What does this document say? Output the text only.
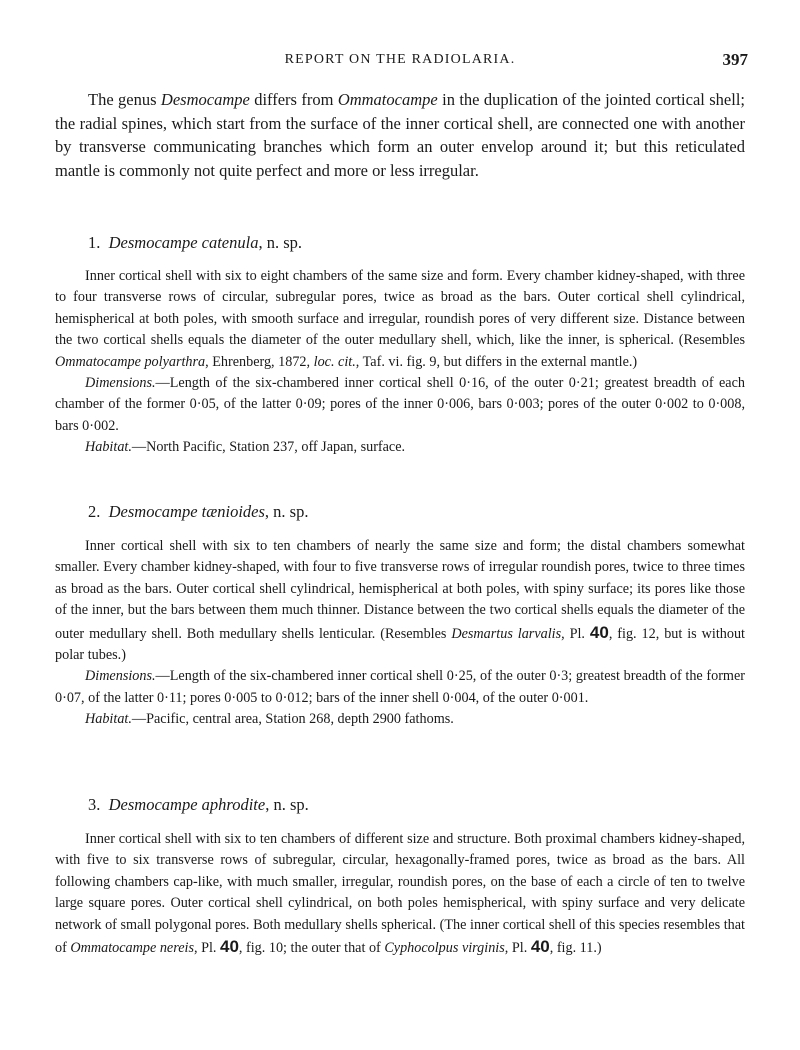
REPORT ON THE RADIOLARIA.	397

The genus Desmocampe differs from Ommatocampe in the duplication of the jointed cortical shell; the radial spines, which start from the surface of the inner cortical shell, are connected one with another by transverse communicating branches which form an outer envelop around it; but this reticulated mantle is commonly not quite perfect and more or less irregular.

1. Desmocampe catenula, n. sp.

Inner cortical shell with six to eight chambers of the same size and form. Every chamber kidney-shaped, with three to four transverse rows of circular, subregular pores, twice as broad as the bars. Outer cortical shell cylindrical, hemispherical at both poles, with smooth surface and irregular, roundish pores of very different size. Distance between the two cortical shells equals the diameter of the outer medullary shell, which, like the inner, is spherical. (Resembles Ommatocampe polyarthra, Ehrenberg, 1872, loc. cit., Taf. vi. fig. 9, but differs in the external mantle.)

Dimensions.—Length of the six-chambered inner cortical shell 0·16, of the outer 0·21; greatest breadth of each chamber of the former 0·05, of the latter 0·09; pores of the inner 0·006, bars 0·003; pores of the outer 0·002 to 0·008, bars 0·002.

Habitat.—North Pacific, Station 237, off Japan, surface.

2. Desmocampe tænioides, n. sp.

Inner cortical shell with six to ten chambers of nearly the same size and form; the distal chambers somewhat smaller. Every chamber kidney-shaped, with four to five transverse rows of irregular roundish pores, twice to three times as broad as the bars. Outer cortical shell cylindrical, hemispherical at both poles, with spiny surface; its pores like those of the inner, but the bars between them much thinner. Distance between the two cortical shells equals the diameter of the outer medullary shell. Both medullary shells lenticular. (Resembles Desmartus larvalis, Pl. 40, fig. 12, but is without polar tubes.)

Dimensions.—Length of the six-chambered inner cortical shell 0·25, of the outer 0·3; greatest breadth of the former 0·07, of the latter 0·11; pores 0·005 to 0·012; bars of the inner shell 0·004, of the outer 0·001.

Habitat.—Pacific, central area, Station 268, depth 2900 fathoms.

3. Desmocampe aphrodite, n. sp.

Inner cortical shell with six to ten chambers of different size and structure. Both proximal chambers kidney-shaped, with five to six transverse rows of subregular, circular, hexagonally-framed pores, twice as broad as the bars. All following chambers cap-like, with much smaller, irregular, roundish pores, on the base of each a circle of ten to twelve large square pores. Outer cortical shell cylindrical, on both poles hemispherical, with spiny surface and very delicate network of small polygonal pores. Both medullary shells spherical. (The inner cortical shell of this species resembles that of Ommatocampe nereis, Pl. 40, fig. 10; the outer that of Cyphocolpus virginis, Pl. 40, fig. 11.)
